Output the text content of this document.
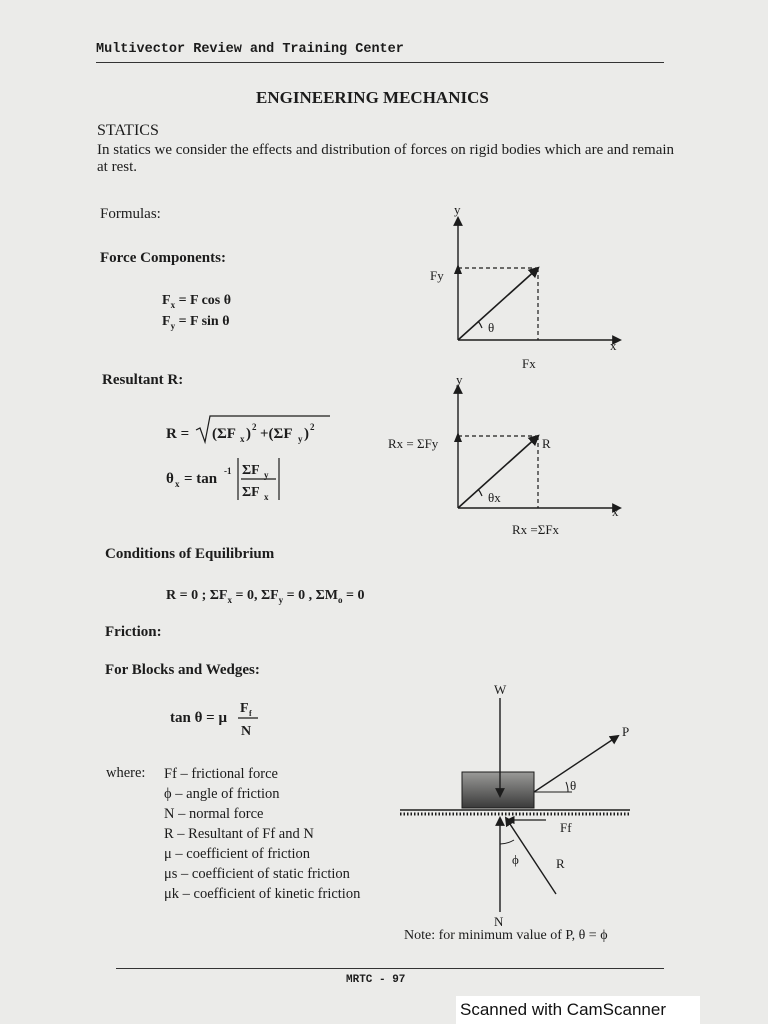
Multivector Review and Training Center
ENGINEERING MECHANICS
STATICS
In statics we consider the effects and distribution of forces on rigid bodies which are and remain at rest.
Formulas:
Force Components:
$F_x = F$ cos θ
$F_y = F$ sin θ
Resultant R:
R = (ΣF x ) 2 +(ΣF y ) 2
θ x = tan -1 ΣF y
ΣF x
Conditions of Equilibrium
R = 0 ; $\Sigma F_x = 0$, $\Sigma F_y = 0$ , $\Sigma M_o = 0$
Friction:
For Blocks and Wedges:
tan θ = μ
F f
N
where: Ff – frictional force
ϕ – angle of friction
N – normal force
R – Resultant of Ff and N
μ – coefficient of friction
μs – coefficient of static friction
μk – coefficient of kinetic friction
y
x
Fy
Fx
θ
y
x
Rx = ΣFy	R
Rx =ΣFx
θx
W
P
θ
Ff
ϕ	R
N
Note: for minimum value of P, θ = ϕ
MRTC - 97
Scanned with CamScanner
